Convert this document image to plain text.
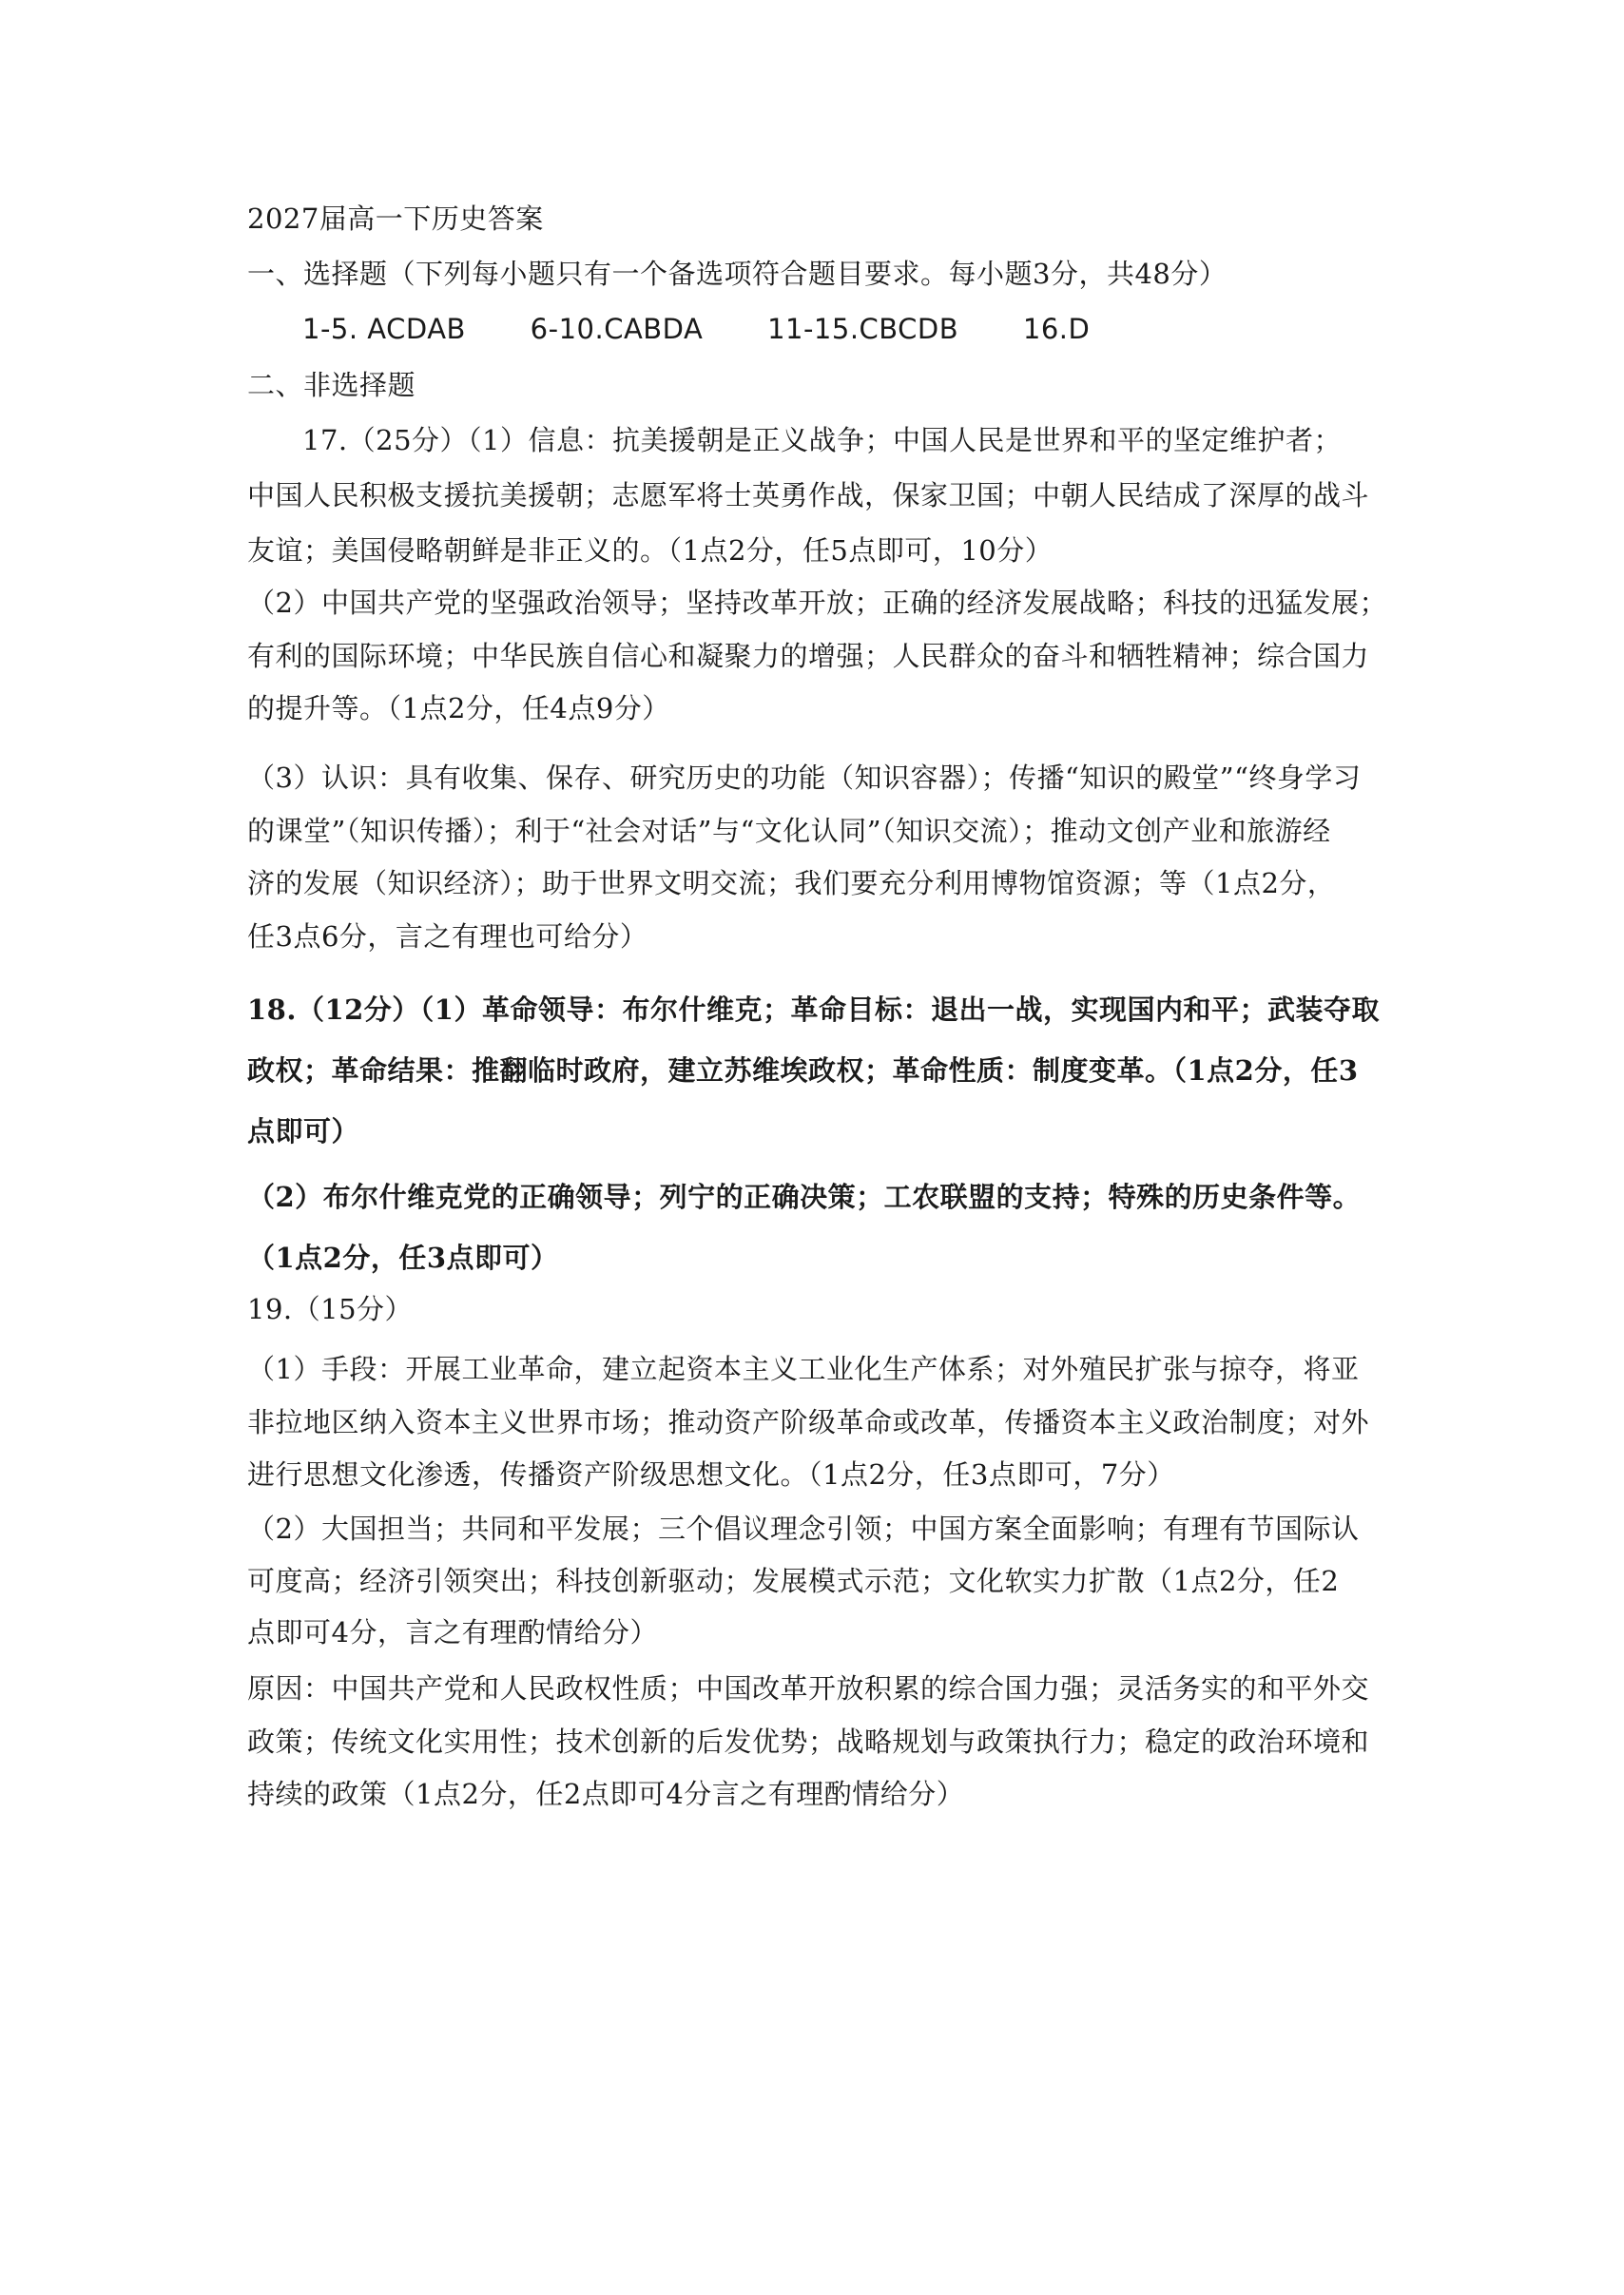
2027届高一下历史答案
一、选择题（下列每小题只有一个备选项符合题目要求。每小题3分，共48分）
1-5. ACDAB 6-10.CABDA 11-15.CBCDB 16.D
二、非选择题
17.（25分）（1）信息：抗美援朝是正义战争；中国人民是世界和平的坚定维护者；
中国人民积极支援抗美援朝；志愿军将士英勇作战，保家卫国；中朝人民结成了深厚的战斗
友谊；美国侵略朝鲜是非正义的。（1点2分，任5点即可，10分）
（2）中国共产党的坚强政治领导；坚持改革开放；正确的经济发展战略；科技的迅猛发展；
有利的国际环境；中华民族自信心和凝聚力的增强；人民群众的奋斗和牺牲精神；综合国力
的提升等。（1点2分，任4点9分）
（3）认识：具有收集、保存、研究历史的功能（知识容器）；传播“知识的殿堂”“终身学习
的课堂”（知识传播）；利于“社会对话”与“文化认同”（知识交流）；推动文创产业和旅游经
济的发展（知识经济）；助于世界文明交流；我们要充分利用博物馆资源；等（1点2分，
任3点6分，言之有理也可给分）
18.（12分）（1）革命领导：布尔什维克；革命目标：退出一战，实现国内和平；武装夺取
政权；革命结果：推翻临时政府，建立苏维埃政权；革命性质：制度变革。（1点2分，任3
点即可）
（2）布尔什维克党的正确领导；列宁的正确决策；工农联盟的支持；特殊的历史条件等。
（1点2分，任3点即可）
19.（15分）
（1）手段：开展工业革命，建立起资本主义工业化生产体系；对外殖民扩张与掠夺，将亚
非拉地区纳入资本主义世界市场；推动资产阶级革命或改革，传播资本主义政治制度；对外
进行思想文化渗透，传播资产阶级思想文化。（1点2分，任3点即可，7分）
（2）大国担当；共同和平发展；三个倡议理念引领；中国方案全面影响；有理有节国际认
可度高；经济引领突出；科技创新驱动；发展模式示范；文化软实力扩散（1点2分，任2
点即可4分，言之有理酌情给分）
原因：中国共产党和人民政权性质；中国改革开放积累的综合国力强；灵活务实的和平外交
政策；传统文化实用性；技术创新的后发优势；战略规划与政策执行力；稳定的政治环境和
持续的政策（1点2分，任2点即可4分言之有理酌情给分）
